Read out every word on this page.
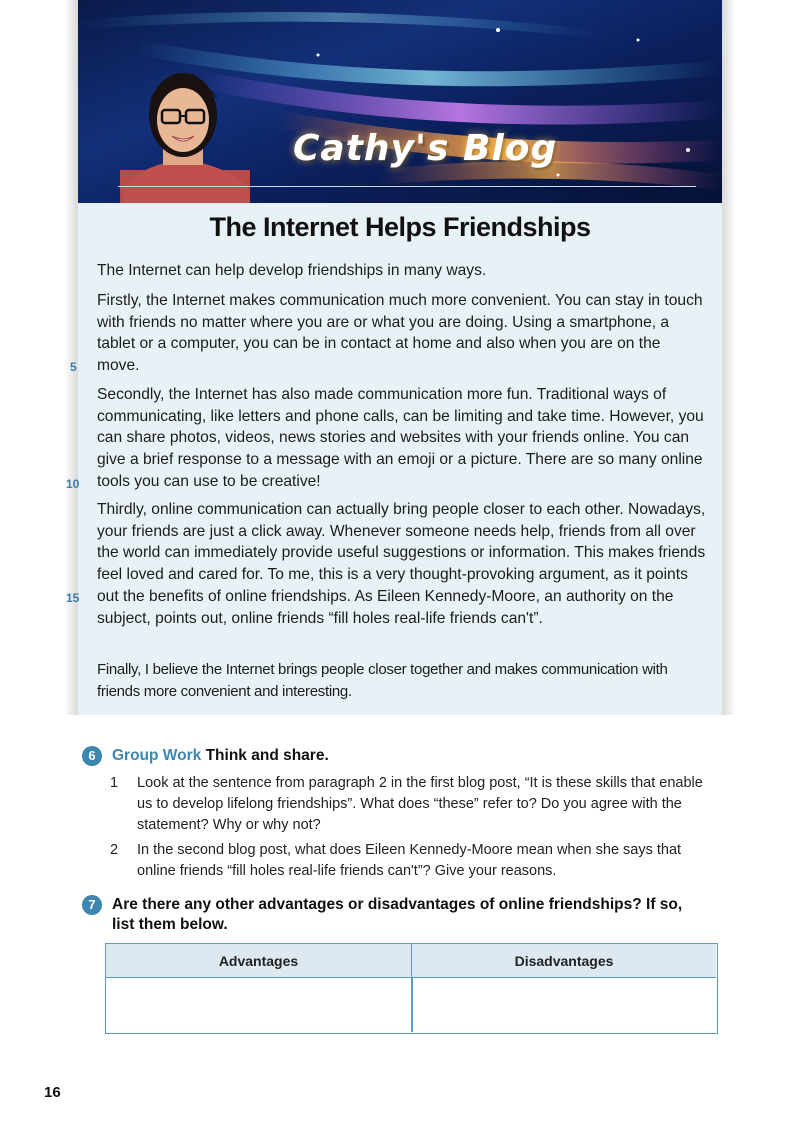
Cathy's Blog
The Internet Helps Friendships

The Internet can help develop friendships in many ways.

Firstly, the Internet makes communication much more convenient. You can stay in touch with friends no matter where you are or what you are doing. Using a smartphone, a tablet or a computer, you can be in contact at home and also when you are on the move.

5

Secondly, the Internet has also made communication more fun. Traditional ways of communicating, like letters and phone calls, can be limiting and take time. However, you can share photos, videos, news stories and websites with your friends online. You can give a brief response to a message with an emoji or a picture. There are so many online tools you can use to be creative!

10

Thirdly, online communication can actually bring people closer to each other. Nowadays, your friends are just a click away. Whenever someone needs help, friends from all over the world can immediately provide useful suggestions or information. This makes friends feel loved and cared for. To me, this is a very thought-provoking argument, as it points out the benefits of online friendships. As Eileen Kennedy-Moore, an authority on the subject, points out, online friends “fill holes real-life friends can't”.

15

Finally, I believe the Internet brings people closer together and makes communication with friends more convenient and interesting.

6	Group Work Think and share.
1 Look at the sentence from paragraph 2 in the first blog post, “It is these skills that enable us to develop lifelong friendships”. What does “these” refer to? Do you agree with the statement? Why or why not?
2 In the second blog post, what does Eileen Kennedy-Moore mean when she says that online friends “fill holes real-life friends can't”? Give your reasons.
7	Are there any other advantages or disadvantages of online friendships? If so, list them below.
Advantages	Disadvantages
16
